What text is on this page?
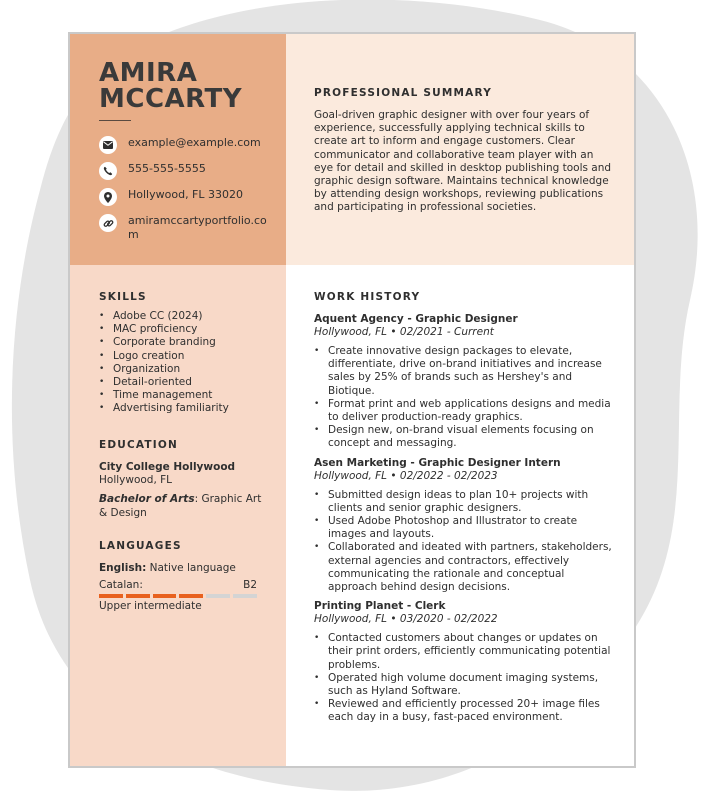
AMIRA MCCARTY
example@example.com
555-555-5555
Hollywood, FL 33020
amiramccartyportfolio.com
PROFESSIONAL SUMMARY
Goal-driven graphic designer with over four years of experience, successfully applying technical skills to create art to inform and engage customers. Clear communicator and collaborative team player with an eye for detail and skilled in desktop publishing tools and graphic design software. Maintains technical knowledge by attending design workshops, reviewing publications and participating in professional societies.
SKILLS
• Adobe CC (2024)
• MAC proficiency
• Corporate branding
• Logo creation
• Organization
• Detail-oriented
• Time management
• Advertising familiarity
EDUCATION
City College Hollywood
Hollywood, FL
Bachelor of Arts: Graphic Art & Design
LANGUAGES
English: Native language
Catalan:	B2
Upper intermediate
WORK HISTORY
Aquent Agency - Graphic Designer
Hollywood, FL • 02/2021 - Current
• Create innovative design packages to elevate, differentiate, drive on-brand initiatives and increase sales by 25% of brands such as Hershey's and Biotique.
• Format print and web applications designs and media to deliver production-ready graphics.
• Design new, on-brand visual elements focusing on concept and messaging.
Asen Marketing - Graphic Designer Intern
Hollywood, FL • 02/2022 - 02/2023
• Submitted design ideas to plan 10+ projects with clients and senior graphic designers.
• Used Adobe Photoshop and Illustrator to create images and layouts.
• Collaborated and ideated with partners, stakeholders, external agencies and contractors, effectively communicating the rationale and conceptual approach behind design decisions.
Printing Planet - Clerk
Hollywood, FL • 03/2020 - 02/2022
• Contacted customers about changes or updates on their print orders, efficiently communicating potential problems.
• Operated high volume document imaging systems, such as Hyland Software.
• Reviewed and efficiently processed 20+ image files each day in a busy, fast-paced environment.
